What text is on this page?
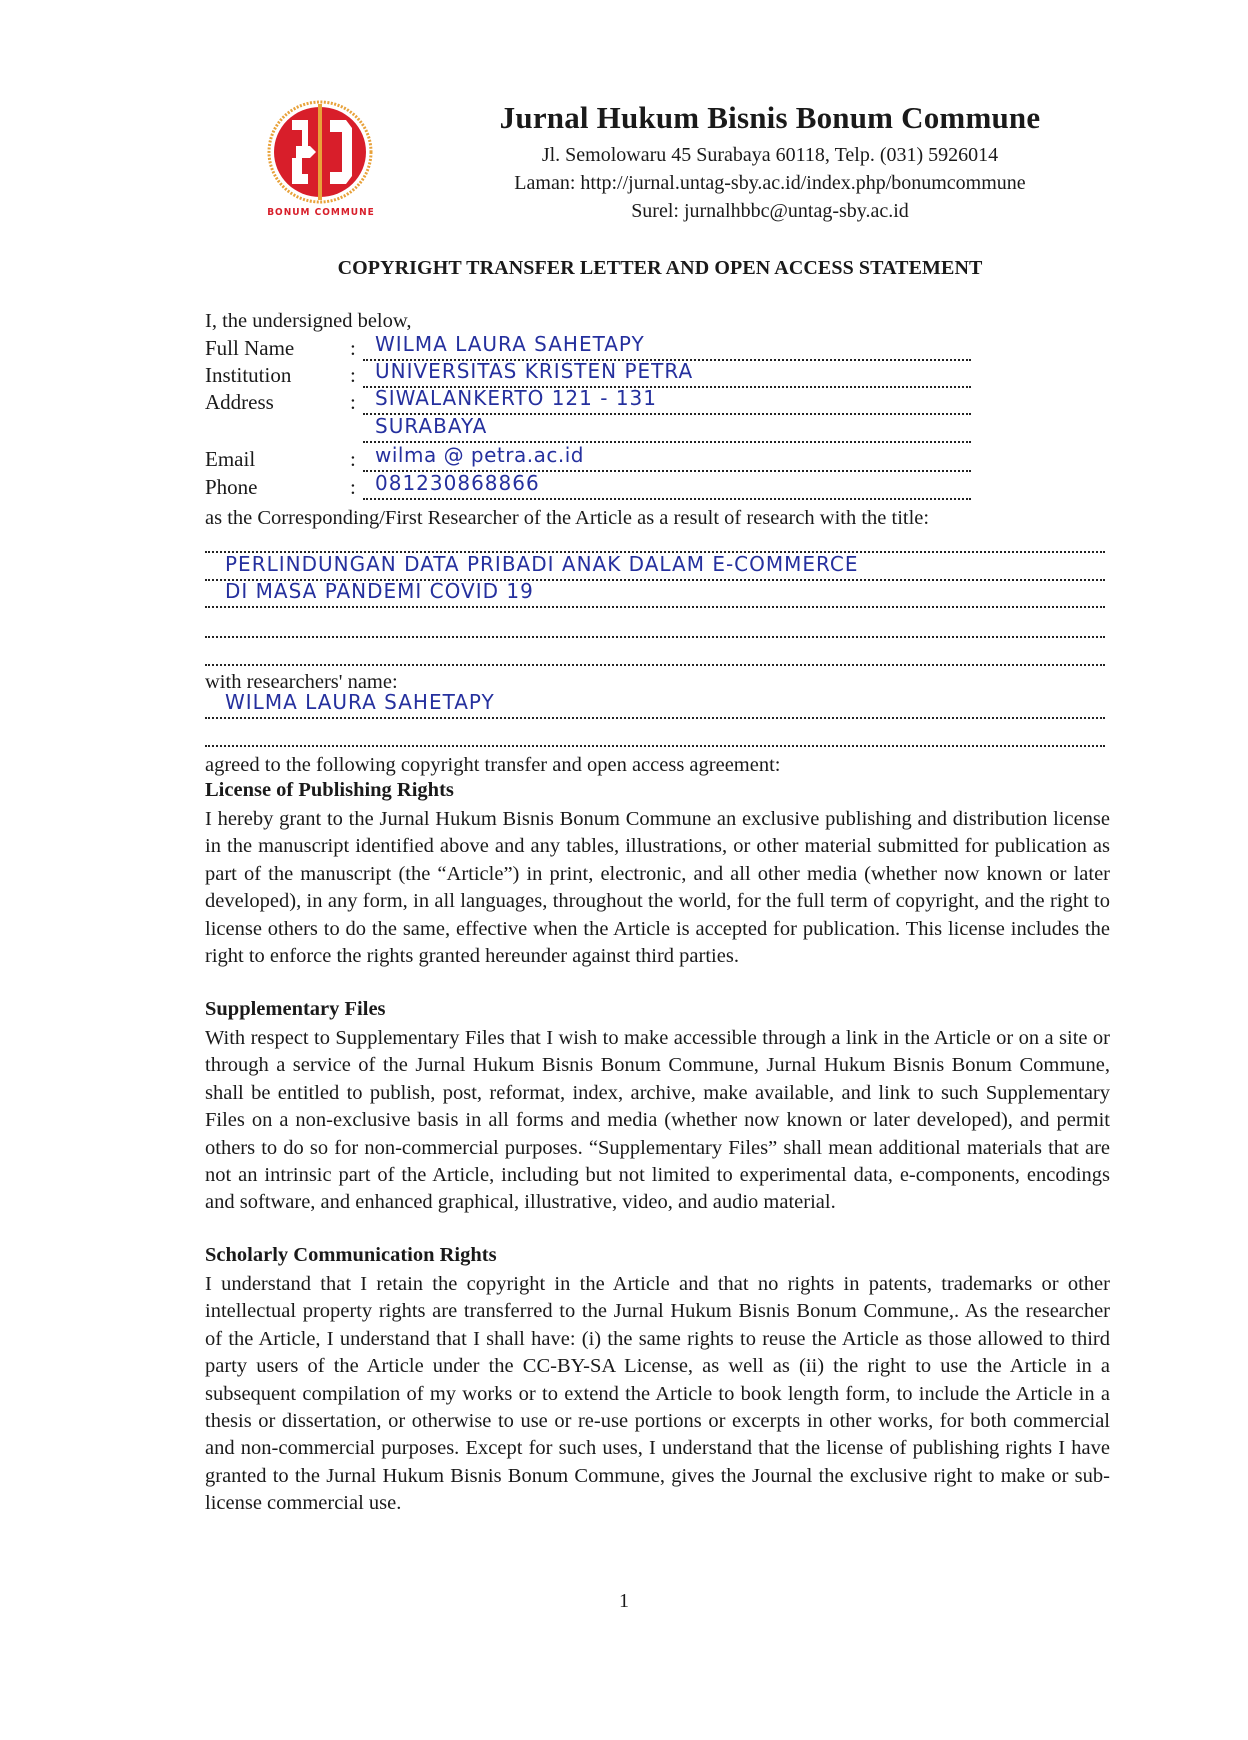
BONUM COMMUNE
Jurnal Hukum Bisnis Bonum Commune
Jl. Semolowaru 45 Surabaya 60118, Telp. (031) 5926014
Laman: http://jurnal.untag-sby.ac.id/index.php/bonumcommune
Surel: jurnalhbbc@untag-sby.ac.id
COPYRIGHT TRANSFER LETTER AND OPEN ACCESS STATEMENT
I, the undersigned below,
Full Name	: WILMA LAURA SAHETAPY
Institution	: UNIVERSITAS KRISTEN PETRA
Address	: SIWALANKERTO 121 - 131
SURABAYA
Email	: wilma @ petra.ac.id
Phone	: 081230868866
as the Corresponding/First Researcher of the Article as a result of research with the title:
PERLINDUNGAN DATA PRIBADI ANAK DALAM E-COMMERCE
DI MASA PANDEMI COVID 19
with researchers' name:
WILMA LAURA SAHETAPY
agreed to the following copyright transfer and open access agreement:
License of Publishing Rights
I hereby grant to the Jurnal Hukum Bisnis Bonum Commune an exclusive publishing and distribution license in the manuscript identified above and any tables, illustrations, or other material submitted for publication as part of the manuscript (the “Article”) in print, electronic, and all other media (whether now known or later developed), in any form, in all languages, throughout the world, for the full term of copyright, and the right to license others to do the same, effective when the Article is accepted for publication. This license includes the right to enforce the rights granted hereunder against third parties.
Supplementary Files
With respect to Supplementary Files that I wish to make accessible through a link in the Article or on a site or through a service of the Jurnal Hukum Bisnis Bonum Commune, Jurnal Hukum Bisnis Bonum Commune, shall be entitled to publish, post, reformat, index, archive, make available, and link to such Supplementary Files on a non-exclusive basis in all forms and media (whether now known or later developed), and permit others to do so for non-commercial purposes. “Supplementary Files” shall mean additional materials that are not an intrinsic part of the Article, including but not limited to experimental data, e-components, encodings and software, and enhanced graphical, illustrative, video, and audio material.
Scholarly Communication Rights
I understand that I retain the copyright in the Article and that no rights in patents, trademarks or other intellectual property rights are transferred to the Jurnal Hukum Bisnis Bonum Commune,. As the researcher of the Article, I understand that I shall have: (i) the same rights to reuse the Article as those allowed to third party users of the Article under the CC-BY-SA License, as well as (ii) the right to use the Article in a subsequent compilation of my works or to extend the Article to book length form, to include the Article in a thesis or dissertation, or otherwise to use or re-use portions or excerpts in other works, for both commercial and non-commercial purposes. Except for such uses, I understand that the license of publishing rights I have granted to the Jurnal Hukum Bisnis Bonum Commune, gives the Journal the exclusive right to make or sub-license commercial use.
1
